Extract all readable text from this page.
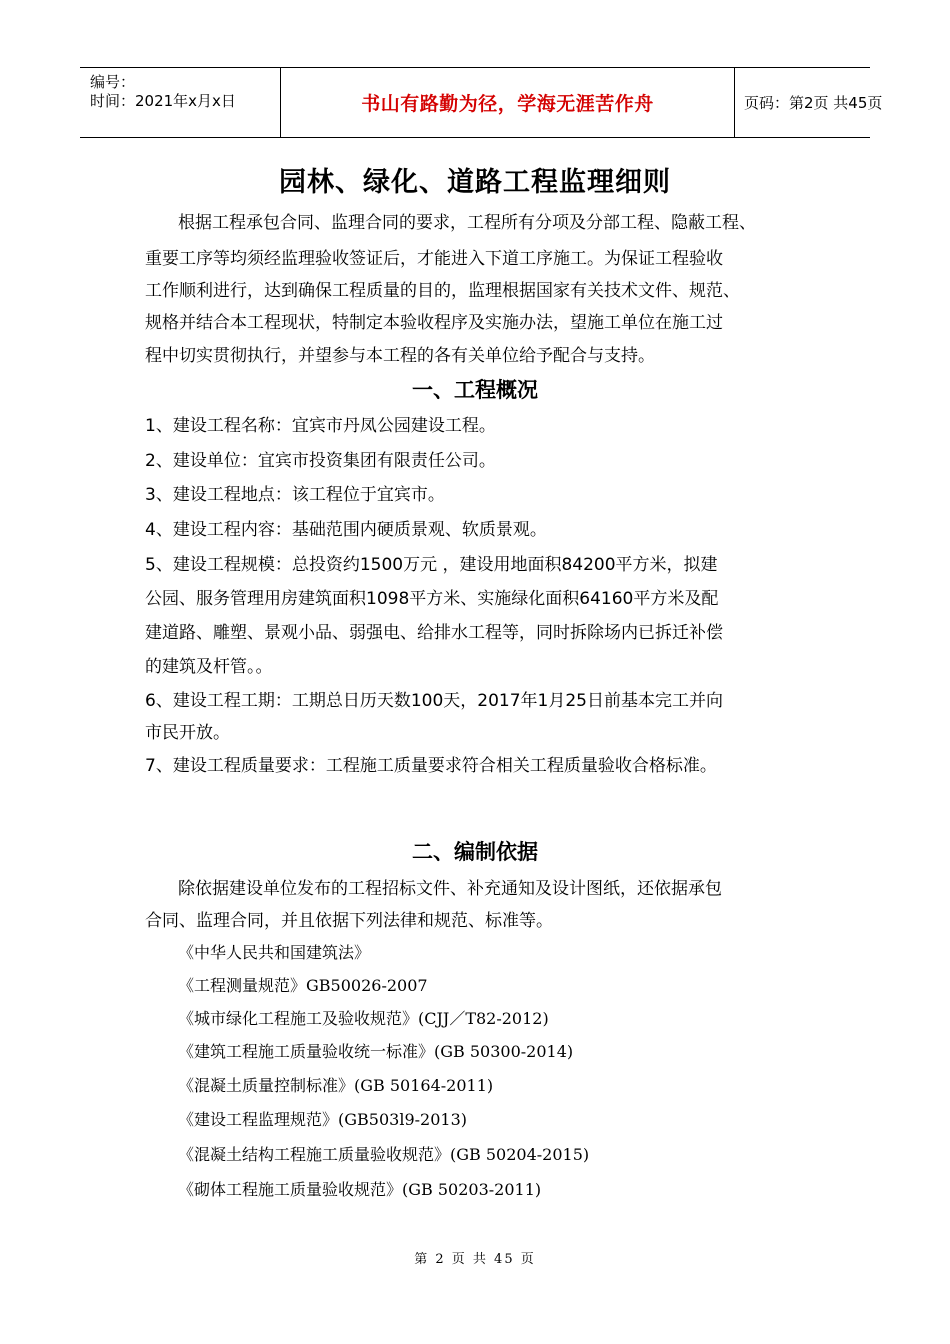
编号：
时间：2021年x月x日	书山有路勤为径，学海无涯苦作舟	页码：第2页 共45页
园林、绿化、道路工程监理细则
根据工程承包合同、监理合同的要求，工程所有分项及分部工程、隐蔽工程、
重要工序等均须经监理验收签证后，才能进入下道工序施工。为保证工程验收
工作顺利进行，达到确保工程质量的目的，监理根据国家有关技术文件、规范、
规格并结合本工程现状，特制定本验收程序及实施办法，望施工单位在施工过
程中切实贯彻执行，并望参与本工程的各有关单位给予配合与支持。
一、工程概况
1、建设工程名称：宜宾市丹凤公园建设工程。
2、建设单位：宜宾市投资集团有限责任公司。
3、建设工程地点：该工程位于宜宾市。
4、建设工程内容：基础范围内硬质景观、软质景观。
5、建设工程规模：总投资约1500万元 ，建设用地面积84200平方米，拟建
公园、服务管理用房建筑面积1098平方米、实施绿化面积64160平方米及配
建道路、雕塑、景观小品、弱强电、给排水工程等，同时拆除场内已拆迁补偿
的建筑及杆管。。
6、建设工程工期：工期总日历天数100天，2017年1月25日前基本完工并向
市民开放。
7、建设工程质量要求：工程施工质量要求符合相关工程质量验收合格标准。
二、编制依据
除依据建设单位发布的工程招标文件、补充通知及设计图纸，还依据承包
合同、监理合同，并且依据下列法律和规范、标准等。
《中华人民共和国建筑法》
《工程测量规范》GB50026-2007
《城市绿化工程施工及验收规范》(CJJ／T82-2012)
《建筑工程施工质量验收统一标准》(GB 50300-2014)
《混凝土质量控制标准》(GB 50164-2011)
《建设工程监理规范》(GB503l9-2013)
《混凝土结构工程施工质量验收规范》(GB 50204-2015)
《砌体工程施工质量验收规范》(GB 50203-2011)
第 2 页 共 45 页
